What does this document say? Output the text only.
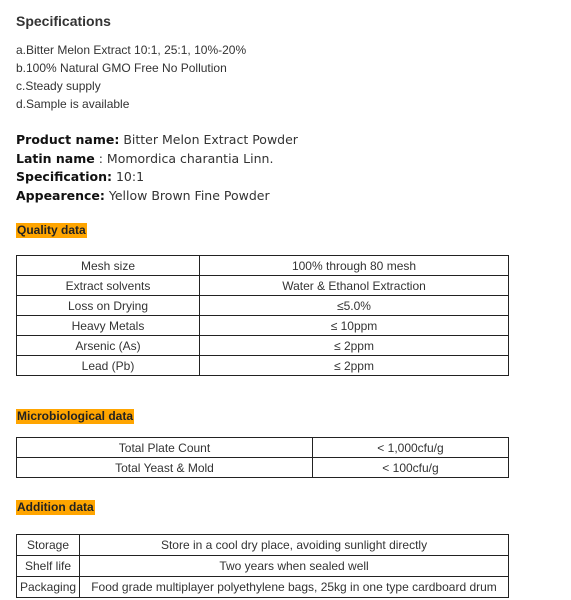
Specifications
a.Bitter Melon Extract 10:1, 25:1, 10%-20%
b.100% Natural GMO Free No Pollution
c.Steady supply
d.Sample is available
Product name: Bitter Melon Extract Powder
Latin name : Momordica charantia Linn.
Specification: 10:1
Appearence: Yellow Brown Fine Powder
Quality data
Mesh size	100% through 80 mesh
Extract solvents	Water & Ethanol Extraction
Loss on Drying	≤5.0%
Heavy Metals	≤ 10ppm
Arsenic (As)	≤ 2ppm
Lead (Pb)	≤ 2ppm
Microbiological data
Total Plate Count	< 1,000cfu/g
Total Yeast & Mold	< 100cfu/g
Addition data
Storage	Store in a cool dry place, avoiding sunlight directly
Shelf life	Two years when sealed well
Packaging	Food grade multiplayer polyethylene bags, 25kg in one type cardboard drum
